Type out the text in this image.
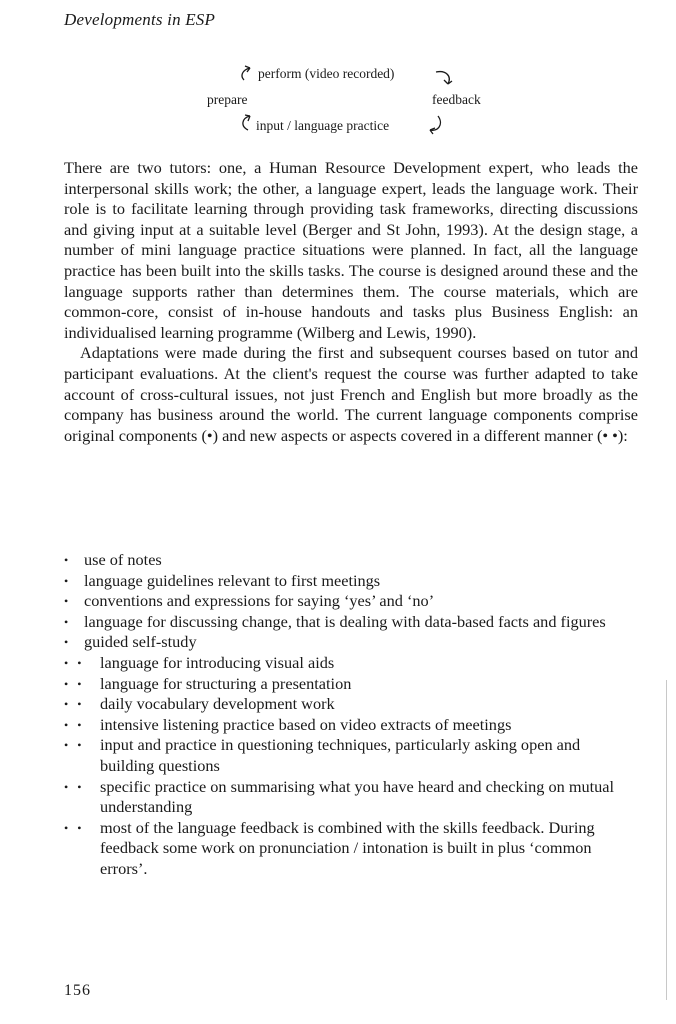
Developments in ESP
perform (video recorded)
prepare	feedback
input / language practice

There are two tutors: one, a Human Resource Development expert, who leads the interpersonal skills work; the other, a language expert, leads the language work. Their role is to facilitate learning through providing task frameworks, directing discussions and giving input at a suitable level (Berger and St John, 1993). At the design stage, a number of mini language practice situations were planned. In fact, all the language practice has been built into the skills tasks. The course is designed around these and the language supports rather than determines them. The course materials, which are common-core, consist of in-house handouts and tasks plus Business English: an individualised learning programme (Wilberg and Lewis, 1990).

Adaptations were made during the first and subsequent courses based on tutor and participant evaluations. At the client's request the course was further adapted to take account of cross-cultural issues, not just French and English but more broadly as the company has business around the world. The current language components comprise original components (•) and new aspects or aspects covered in a different manner (• •):

• use of notes
• language guidelines relevant to first meetings
• conventions and expressions for saying ‘yes’ and ‘no’
• language for discussing change, that is dealing with data-based facts and figures
• guided self-study
• • language for introducing visual aids
• • language for structuring a presentation
• • daily vocabulary development work
• • intensive listening practice based on video extracts of meetings
• • input and practice in questioning techniques, particularly asking open and building questions
• • specific practice on summarising what you have heard and checking on mutual understanding
• • most of the language feedback is combined with the skills feedback. During feedback some work on pronunciation / intonation is built in plus ‘common errors’.
156
